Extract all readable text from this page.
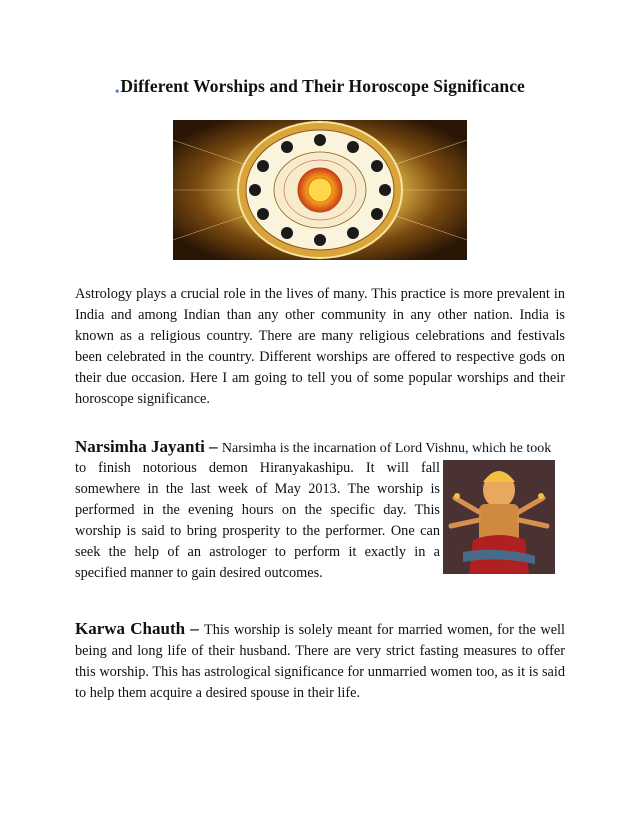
•Different Worships and Their Horoscope Significance

Astrology plays a crucial role in the lives of many. This practice is more prevalent in India and among Indian than any other community in any other nation. India is known as a religious country. There are many religious celebrations and festivals been celebrated in the country. Different worships are offered to respective gods on their due occasion. Here I am going to tell you of some popular worships and their horoscope significance.

Narsimha Jayanti – Narsimha is the incarnation of Lord Vishnu, which he took

to finish notorious demon Hiranyakashipu. It will fall somewhere in the last week of May 2013. The worship is performed in the evening hours on the specific day. This worship is said to bring prosperity to the performer. One can seek the help of an astrologer to perform it exactly in a specified manner to gain desired outcomes.

Karwa Chauth – This worship is solely meant for married women, for the well being and long life of their husband. There are very strict fasting measures to offer this worship. This has astrological significance for unmarried women too, as it is said to help them acquire a desired spouse in their life.
